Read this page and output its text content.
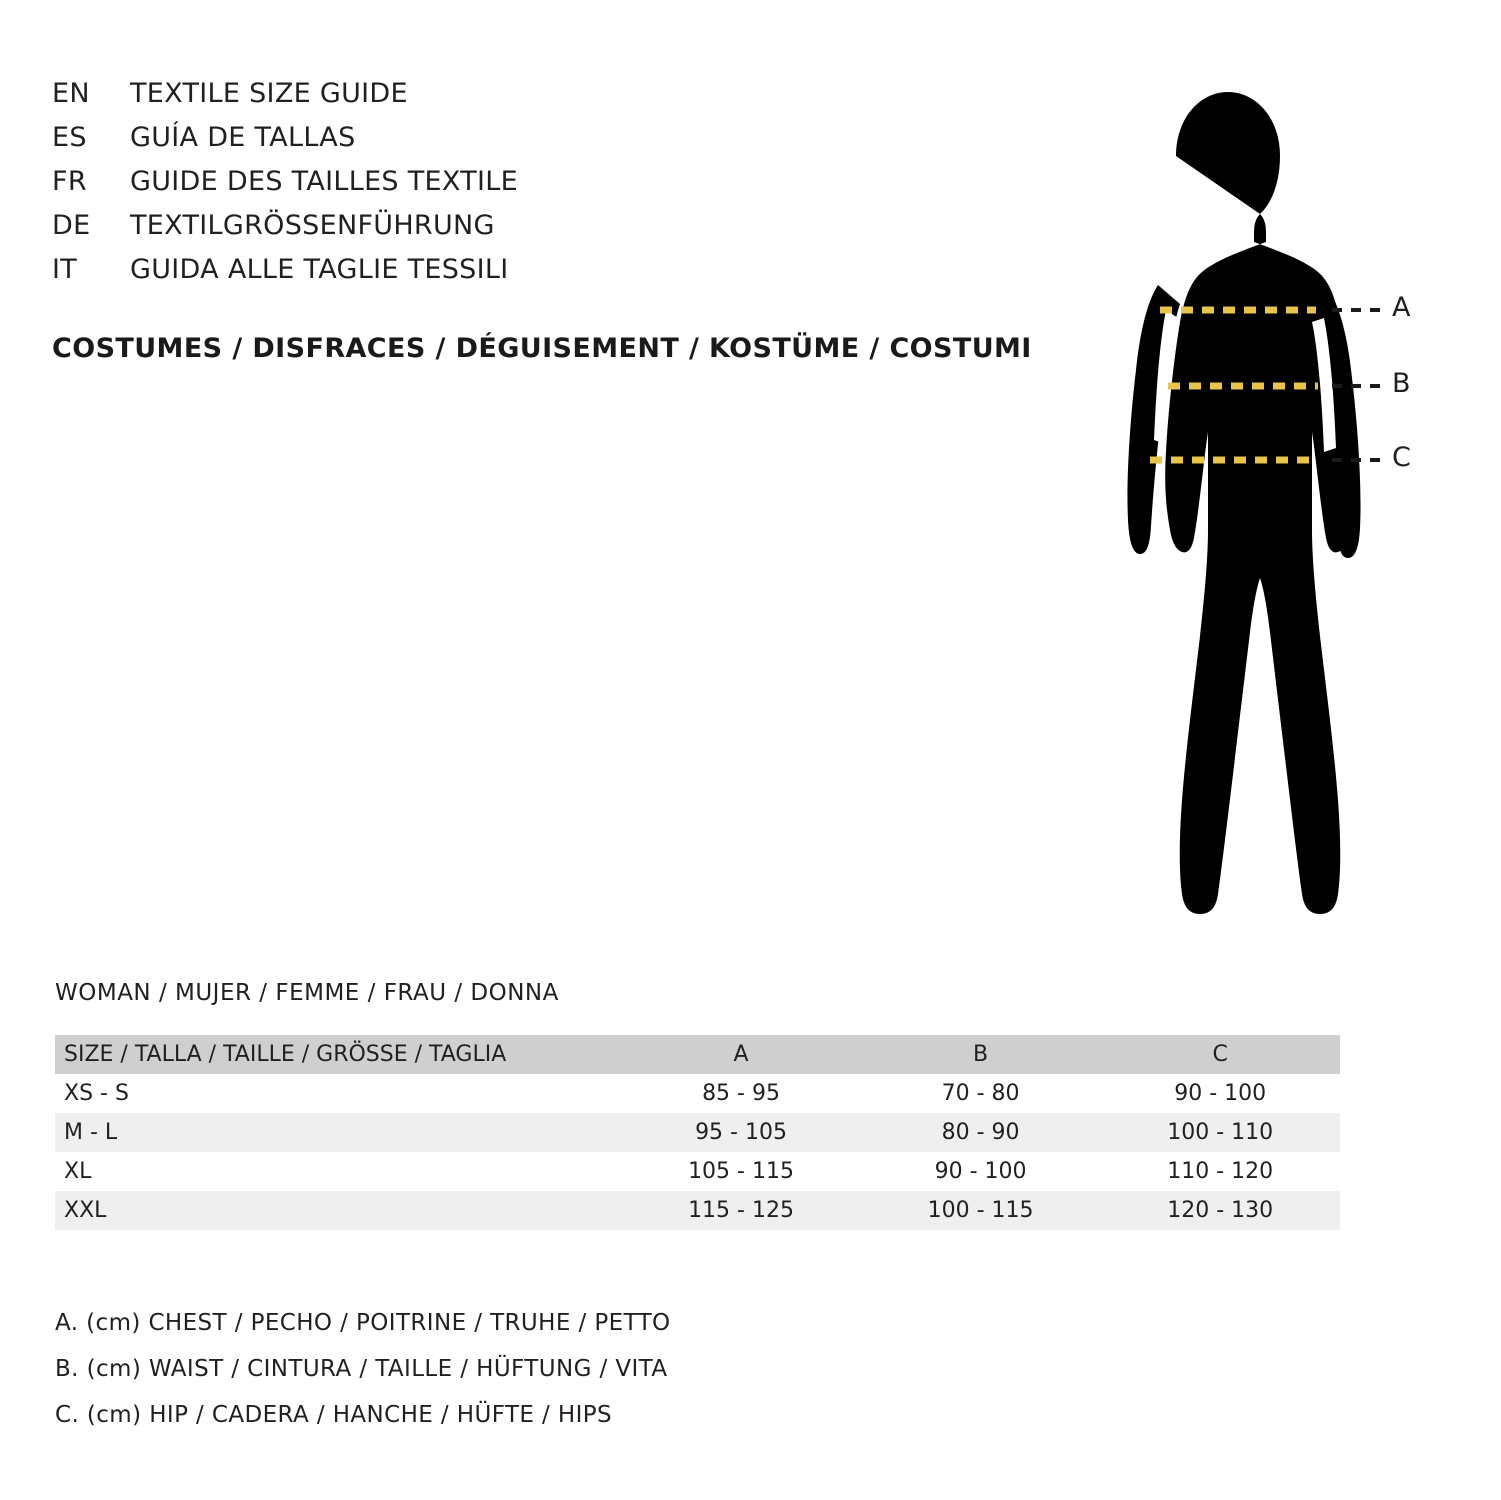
EN	TEXTILE SIZE GUIDE
ES	GUÍA DE TALLAS
FR	GUIDE DES TAILLES TEXTILE
DE	TEXTILGRÖSSENFÜHRUNG
IT	GUIDA ALLE TAGLIE TESSILI
COSTUMES / DISFRACES / DÉGUISEMENT / KOSTÜME / COSTUMI
A
B
C
WOMAN / MUJER / FEMME / FRAU / DONNA
SIZE / TALLA / TAILLE / GRÖSSE / TAGLIA	A	B	C
XS - S	85 - 95	70 - 80	90 - 100
M - L	95 - 105	80 - 90	100 - 110
XL	105 - 115	90 - 100	110 - 120
XXL	115 - 125	100 - 115	120 - 130
A. (cm) CHEST / PECHO / POITRINE / TRUHE / PETTO
B. (cm) WAIST / CINTURA / TAILLE / HÜFTUNG / VITA
C. (cm) HIP / CADERA / HANCHE / HÜFTE / HIPS
